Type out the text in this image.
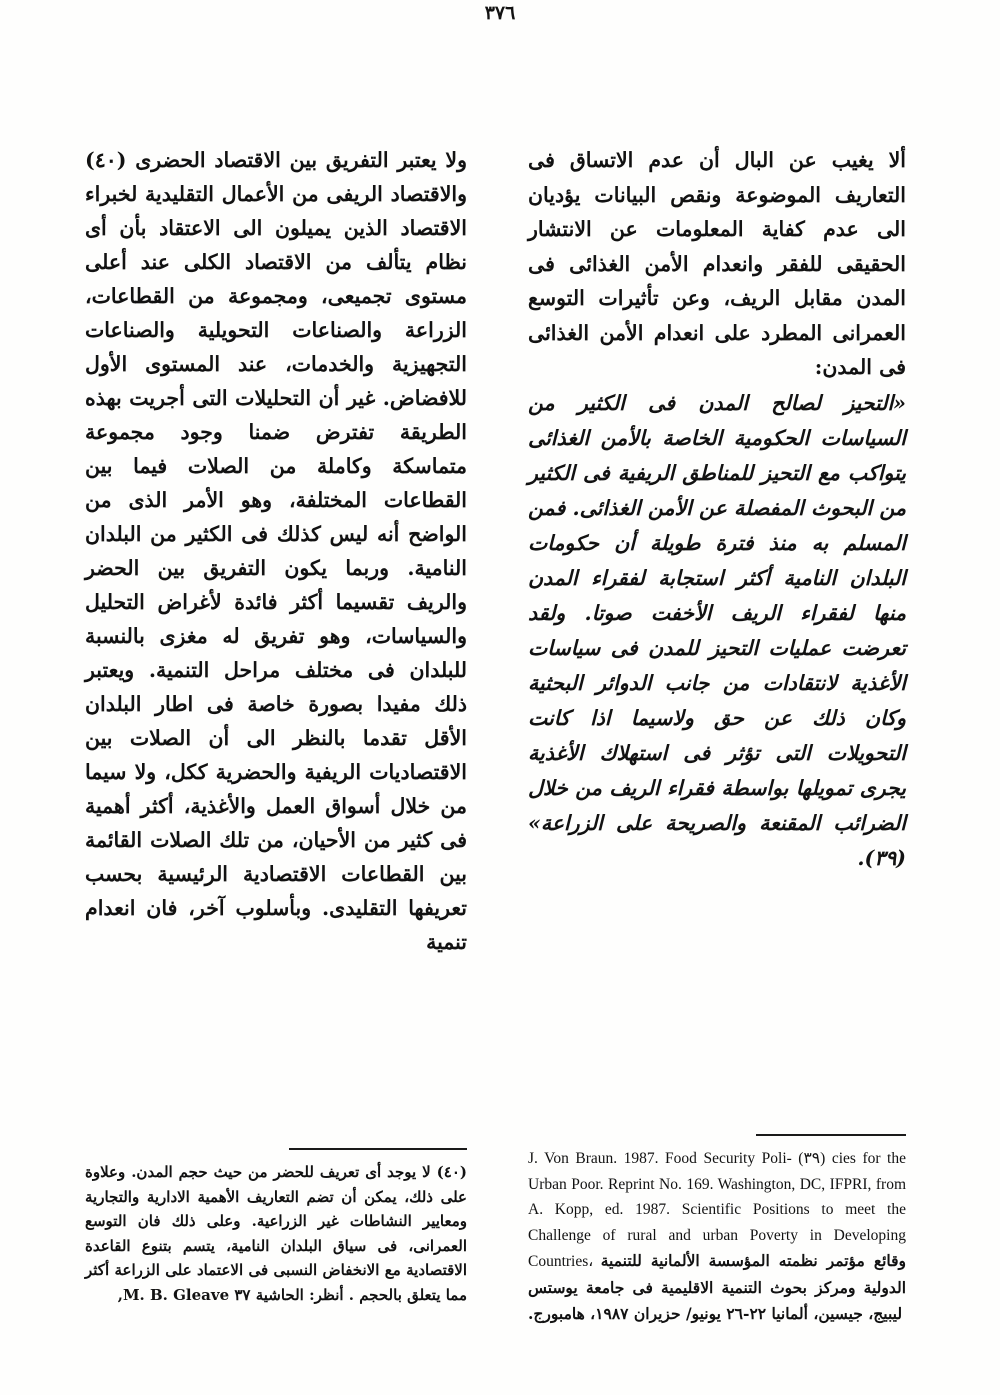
٣٧٦

ولا يعتبر التفريق بين الاقتصاد الحضرى (٤٠) والاقتصاد الريفى من الأعمال التقليدية لخبراء الاقتصاد الذين يميلون الى الاعتقاد بأن أى نظام يتألف من الاقتصاد الكلى عند أعلى مستوى تجميعى، ومجموعة من القطاعات، الزراعة والصناعات التحويلية والصناعات التجهيزية والخدمات، عند المستوى الأول للافضاض. غير أن التحليلات التى أجريت بهذه الطريقة تفترض ضمنا وجود مجموعة متماسكة وكاملة من الصلات فيما بين القطاعات المختلفة، وهو الأمر الذى من الواضح أنه ليس كذلك فى الكثير من البلدان النامية. وربما يكون التفريق بين الحضر والريف تقسيما أكثر فائدة لأغراض التحليل والسياسات، وهو تفريق له مغزى بالنسبة للبلدان فى مختلف مراحل التنمية. ويعتبر ذلك مفيدا بصورة خاصة فى اطار البلدان الأقل تقدما بالنظر الى أن الصلات بين الاقتصاديات الريفية والحضرية ككل، ولا سيما من خلال أسواق العمل والأغذية، أكثر أهمية فى كثير من الأحيان، من تلك الصلات القائمة بين القطاعات الاقتصادية الرئيسية بحسب تعريفها التقليدى. وبأسلوب آخر، فان انعدام تنمية

ألا يغيب عن البال أن عدم الاتساق فى التعاريف الموضوعة ونقص البيانات يؤديان الى عدم كفاية المعلومات عن الانتشار الحقيقى للفقر وانعدام الأمن الغذائى فى المدن مقابل الريف، وعن تأثيرات التوسع العمرانى المطرد على انعدام الأمن الغذائى فى المدن:

«التحيز لصالح المدن فى الكثير من السياسات الحكومية الخاصة بالأمن الغذائى يتواكب مع التحيز للمناطق الريفية فى الكثير من البحوث المفصلة عن الأمن الغذائى. فمن المسلم به منذ فترة طويلة أن حكومات البلدان النامية أكثر استجابة لفقراء المدن منها لفقراء الريف الأخفت صوتا. ولقد تعرضت عمليات التحيز للمدن فى سياسات الأغذية لانتقادات من جانب الدوائر البحثية وكان ذلك عن حق ولاسيما اذا كانت التحويلات التى تؤثر فى استهلاك الأغذية يجرى تمويلها بواسطة فقراء الريف من خلال الضرائب المقنعة والصريحة على الزراعة» (٣٩).

(٤٠) لا يوجد أى تعريف للحضر من حيث حجم المدن. وعلاوة على ذلك، يمكن أن تضم التعاريف الأهمية الادارية والتجارية ومعايير النشاطات غير الزراعية. وعلى ذلك فان التوسع العمرانى، فى سياق البلدان النامية، يتسم بتنوع القاعدة الاقتصادية مع الانخفاض النسبى فى الاعتماد على الزراعة أكثر مما يتعلق بالحجم . أنظر: الحاشية ٣٧ M. B. Gleave,

J. Von Braun. 1987. Food Security Poli- (٣٩) cies for the Urban Poor. Reprint No. 169. Washington, DC, IFPRI, from A. Kopp, ed. 1987. Scientific Positions to meet the Challenge of rural and urban Poverty in Developing Countries، وقائع مؤتمر نظمته المؤسسة الألمانية للتنمية الدولية ومركز بحوث التنمية الاقليمية فى جامعة يوستس ليبيج، جيسين، ألمانيا ٢٢-٢٦ يونيو/ حزيران ١٩٨٧، هامبورج.
